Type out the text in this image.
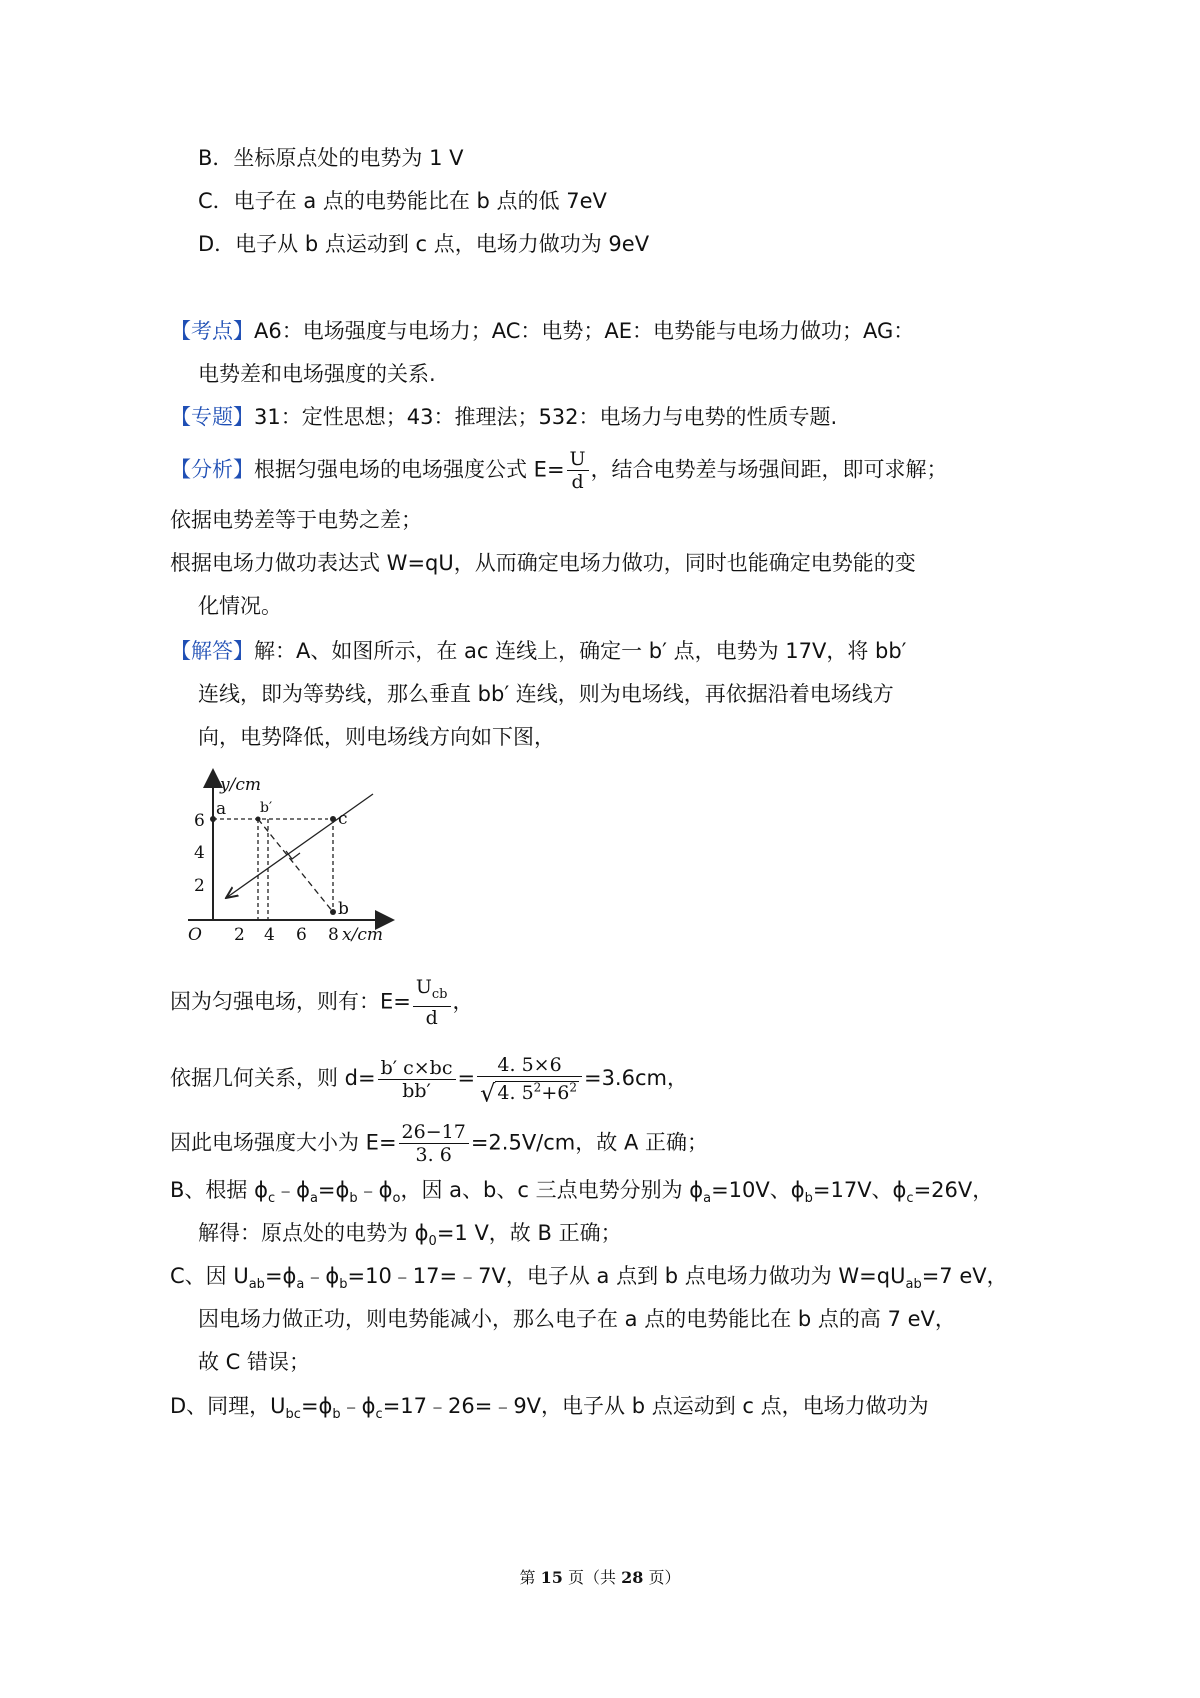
B．坐标原点处的电势为 1 V
C．电子在 a 点的电势能比在 b 点的低 7eV
D．电子从 b 点运动到 c 点，电场力做功为 9eV
【考点】A6：电场强度与电场力；AC：电势；AE：电势能与电场力做功；AG：
电势差和电场强度的关系.
【专题】31：定性思想；43：推理法；532：电场力与电势的性质专题.
【分析】根据匀强电场的电场强度公式 $E= \frac{U}{d}$ ，结合电势差与场强间距，即可求解；
依据电势差等于电势之差；
根据电场力做功表达式 W=qU，从而确定电场力做功，同时也能确定电势能的变
化情况。
【解答】解：A、如图所示，在 ac 连线上，确定一 b′ 点，电势为 17V，将 bb′
连线，即为等势线，那么垂直 bb′ 连线，则为电场线，再依据沿着电场线方
向，电势降低，则电场线方向如下图，
y/cm
a b′
c
b
6
4
2
O 2 4 6 8 x/cm
因为匀强电场，则有：$E= \frac{U_{cb}}{d}$ ，
依据几何关系，则 $d= \frac{b' c\times bc}{bb'} = \frac{4. 5\times 6}{√ 4. 5^2+6^2} =3.6cm$，
因此电场强度大小为 $E= \frac{26-17}{3. 6} =2.5V/cm$，故 A 正确；
B、根据 $\phi_c﹣\phi_a=\phi_b﹣\phi_o$，因 a、b、c 三点电势分别为 $\phi_a=10V$、$\phi_b=17V$、$\phi_c=26V$，
解得：原点处的电势为 $\phi_0=1$ V，故 B 正确；
C、因 $U_{ab}=\phi_a﹣\phi_b=10﹣17=﹣7V$，电子从 a 点到 b 点电场力做功为 $W=qU_{ab}=7$ eV，
因电场力做正功，则电势能减小，那么电子在 a 点的电势能比在 b 点的高 7 eV，
故 C 错误；
D、同理，$U_{bc}=\phi_b﹣\phi_c=17﹣26=﹣9V$，电子从 b 点运动到 c 点，电场力做功为
第 15 页（共 28 页）
